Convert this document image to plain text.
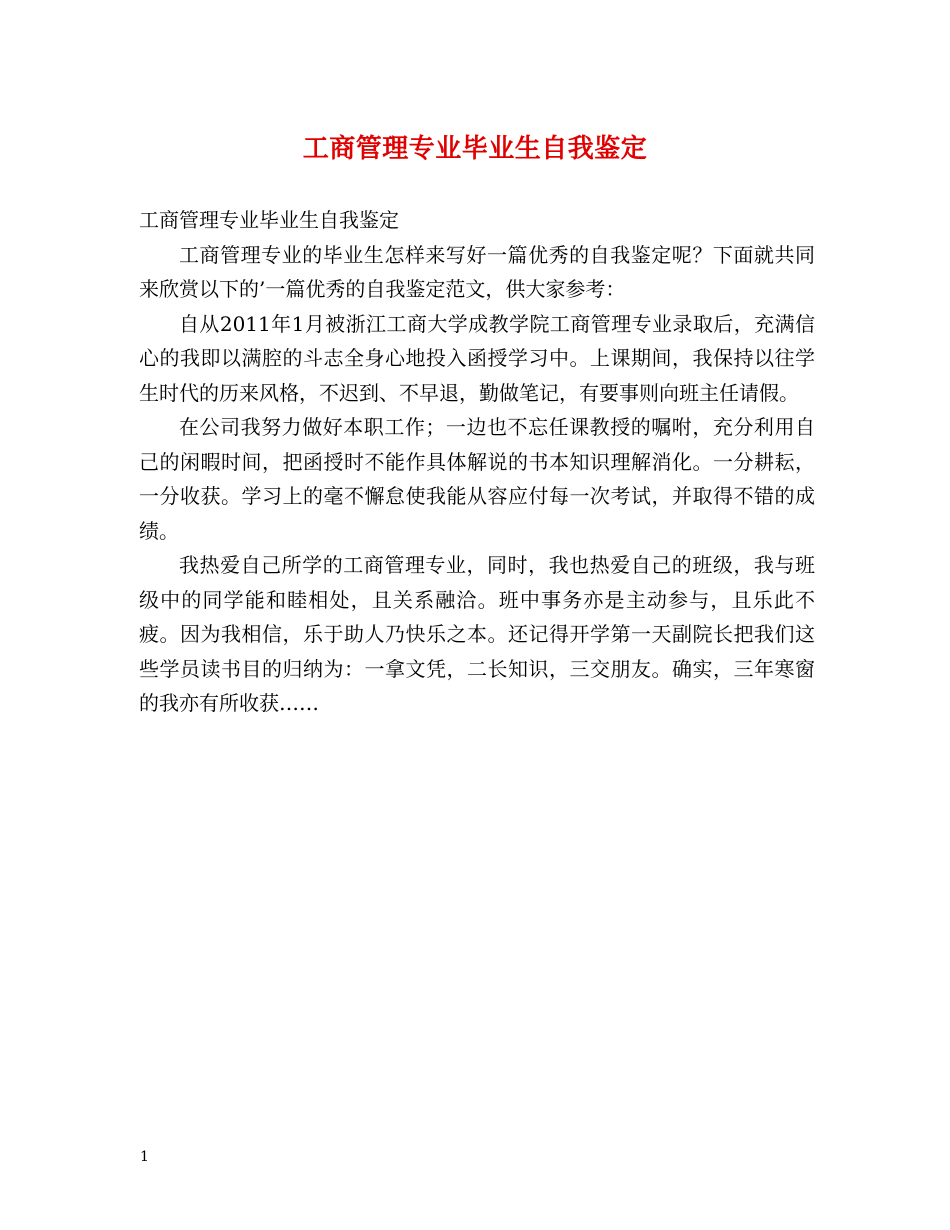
工商管理专业毕业生自我鉴定

工商管理专业毕业生自我鉴定

工商管理专业的毕业生怎样来写好一篇优秀的自我鉴定呢？下面就共同来欣赏以下的’一篇优秀的自我鉴定范文，供大家参考：

自从2011年1月被浙江工商大学成教学院工商管理专业录取后，充满信心的我即以满腔的斗志全身心地投入函授学习中。上课期间，我保持以往学生时代的历来风格，不迟到、不早退，勤做笔记，有要事则向班主任请假。

在公司我努力做好本职工作；一边也不忘任课教授的嘱咐，充分利用自己的闲暇时间，把函授时不能作具体解说的书本知识理解消化。一分耕耘，一分收获。学习上的毫不懈怠使我能从容应付每一次考试，并取得不错的成绩。

我热爱自己所学的工商管理专业，同时，我也热爱自己的班级，我与班级中的同学能和睦相处，且关系融洽。班中事务亦是主动参与，且乐此不疲。因为我相信，乐于助人乃快乐之本。还记得开学第一天副院长把我们这些学员读书目的归纳为：一拿文凭，二长知识，三交朋友。确实，三年寒窗的我亦有所收获……

1
